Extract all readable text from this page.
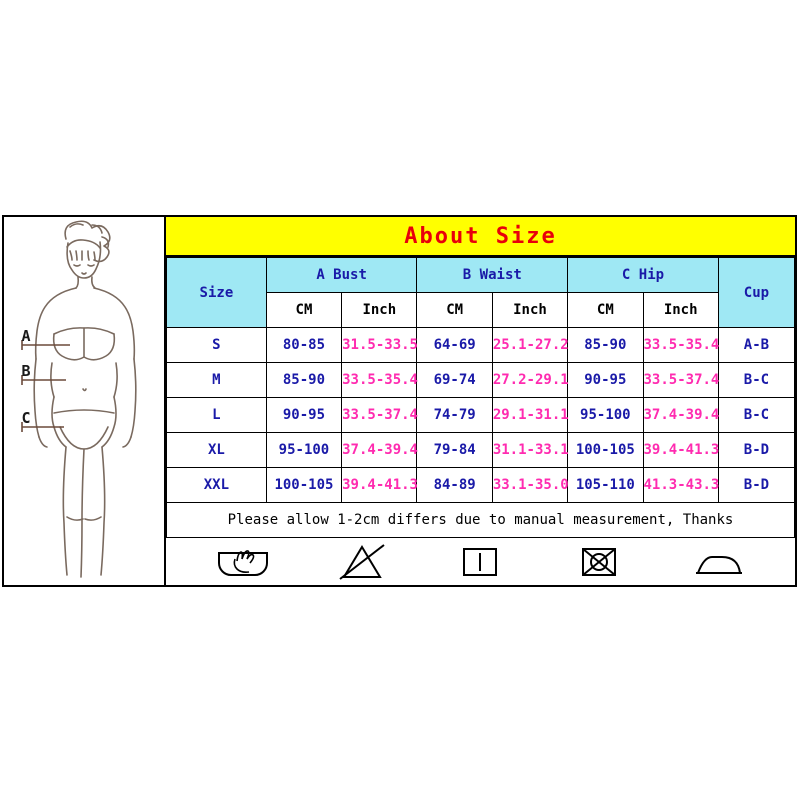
A
B
C
About Size
Size	A Bust		B Waist		C Hip		Cup
	CM	Inch	CM	Inch	CM	Inch	
S	80-85	31.5-33.5	64-69	25.1-27.2	85-90	33.5-35.4	A-B
M	85-90	33.5-35.4	69-74	27.2-29.1	90-95	33.5-37.4	B-C
L	90-95	33.5-37.4	74-79	29.1-31.1	95-100	37.4-39.4	B-C
XL	95-100	37.4-39.4	79-84	31.1-33.1	100-105	39.4-41.3	B-D
XXL	100-105	39.4-41.3	84-89	33.1-35.0	105-110	41.3-43.3	B-D
Please allow 1-2cm differs due to manual measurement, Thanks							
